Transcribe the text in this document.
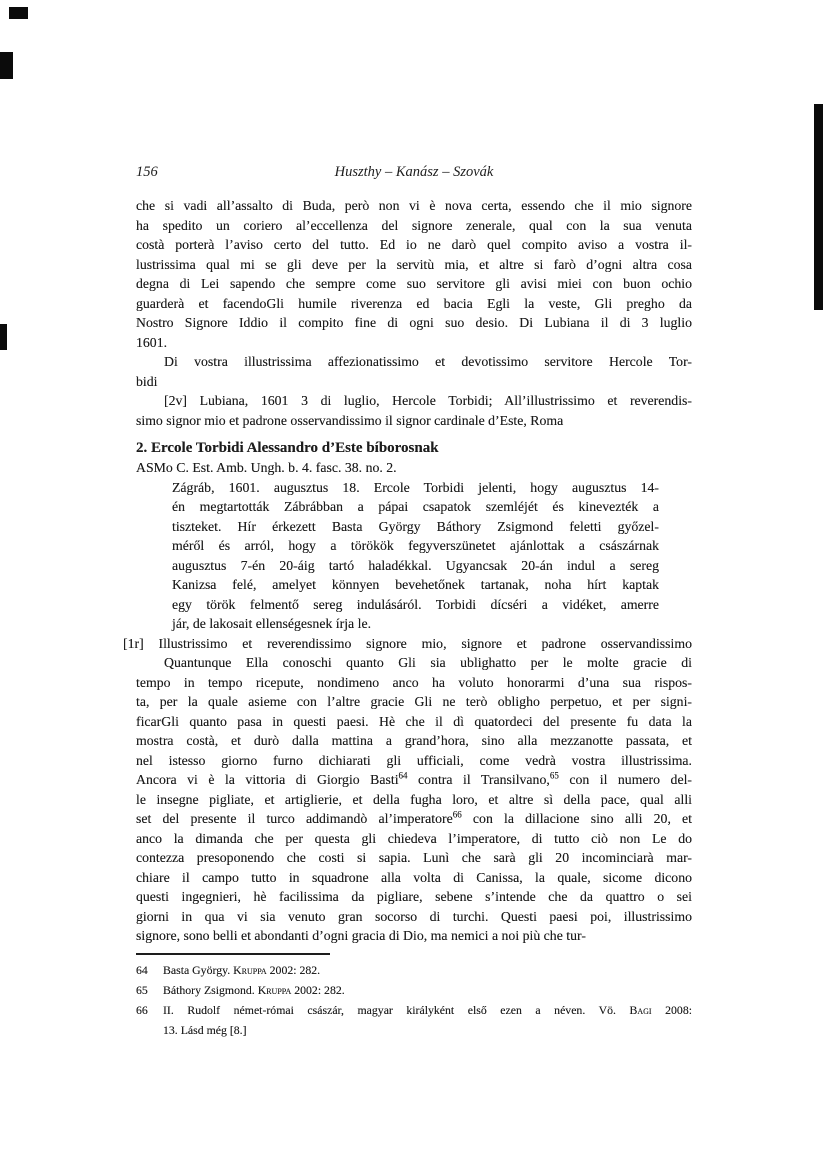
156	Huszthy – Kanász – Szovák
che si vadi all’assalto di Buda, però non vi è nova certa, essendo che il mio signore
ha spedito un coriero al’eccellenza del signore zenerale, qual con la sua venuta
costà porterà l’aviso certo del tutto. Ed io ne darò quel compito aviso a vostra il-
lustrissima qual mi se gli deve per la servitù mia, et altre si farò d’ogni altra cosa
degna di Lei sapendo che sempre come suo servitore gli avisi miei con buon ochio
guarderà et facendoGli humile riverenza ed bacia Egli la veste, Gli pregho da
Nostro Signore Iddio il compito fine di ogni suo desio. Di Lubiana il di 3 luglio
1601.
Di vostra illustrissima affezionatissimo et devotissimo servitore Hercole Tor-
bidi
[2v] Lubiana, 1601 3 di luglio, Hercole Torbidi; All’illustrissimo et reverendis-
simo signor mio et padrone osservandissimo il signor cardinale d’Este, Roma
2. Ercole Torbidi Alessandro d’Este bíborosnak
ASMo C. Est. Amb. Ungh. b. 4. fasc. 38. no. 2.
Zágráb, 1601. augusztus 18. Ercole Torbidi jelenti, hogy augusztus 14-
én megtartották Zábrábban a pápai csapatok szemléjét és kinevezték a
tiszteket. Hír érkezett Basta György Báthory Zsigmond feletti győzel-
méről és arról, hogy a törökök fegyverszünetet ajánlottak a császárnak
augusztus 7-én 20-áig tartó haladékkal. Ugyancsak 20-án indul a sereg
Kanizsa felé, amelyet könnyen bevehetőnek tartanak, noha hírt kaptak
egy török felmentő sereg indulásáról. Torbidi dícséri a vidéket, amerre
jár, de lakosait ellenségesnek írja le.
[1r] Illustrissimo et reverendissimo signore mio, signore et padrone osservandissimo
Quantunque Ella conoschi quanto Gli sia ublighatto per le molte gracie di
tempo in tempo ricepute, nondimeno anco ha voluto honorarmi d’una sua rispos-
ta, per la quale asieme con l’altre gracie Gli ne terò obligho perpetuo, et per signi-
ficarGli quanto pasa in questi paesi. Hè che il dì quatordeci del presente fu data la
mostra costà, et durò dalla mattina a grand’hora, sino alla mezzanotte passata, et
nel istesso giorno furno dichiarati gli ufficiali, come vedrà vostra illustrissima.
Ancora vi è la vittoria di Giorgio Basti$^{64}$ contra il Transilvano,$^{65}$ con il numero del-
le insegne pigliate, et artiglierie, et della fugha loro, et altre sì della pace, qual alli
set del presente il turco addimandò al’imperatore$^{66}$ con la dillacione sino alli 20, et
anco la dimanda che per questa gli chiedeva l’imperatore, di tutto ciò non Le do
contezza presoponendo che costi si sapia. Lunì che sarà gli 20 incominciarà mar-
chiare il campo tutto in squadrone alla volta di Canissa, la quale, sicome dicono
questi ingegnieri, hè facilissima da pigliare, sebene s’intende che da quattro o sei
giorni in qua vi sia venuto gran socorso di turchi. Questi paesi poi, illustrissimo
signore, sono belli et abondanti d’ogni gracia di Dio, ma nemici a noi più che tur-
64 Basta György. Kruppa 2002: 282.
65 Báthory Zsigmond. Kruppa 2002: 282.
66 II. Rudolf német-római császár, magyar királyként első ezen a néven. Vö. Bagi 2008:
13. Lásd még [8.]
